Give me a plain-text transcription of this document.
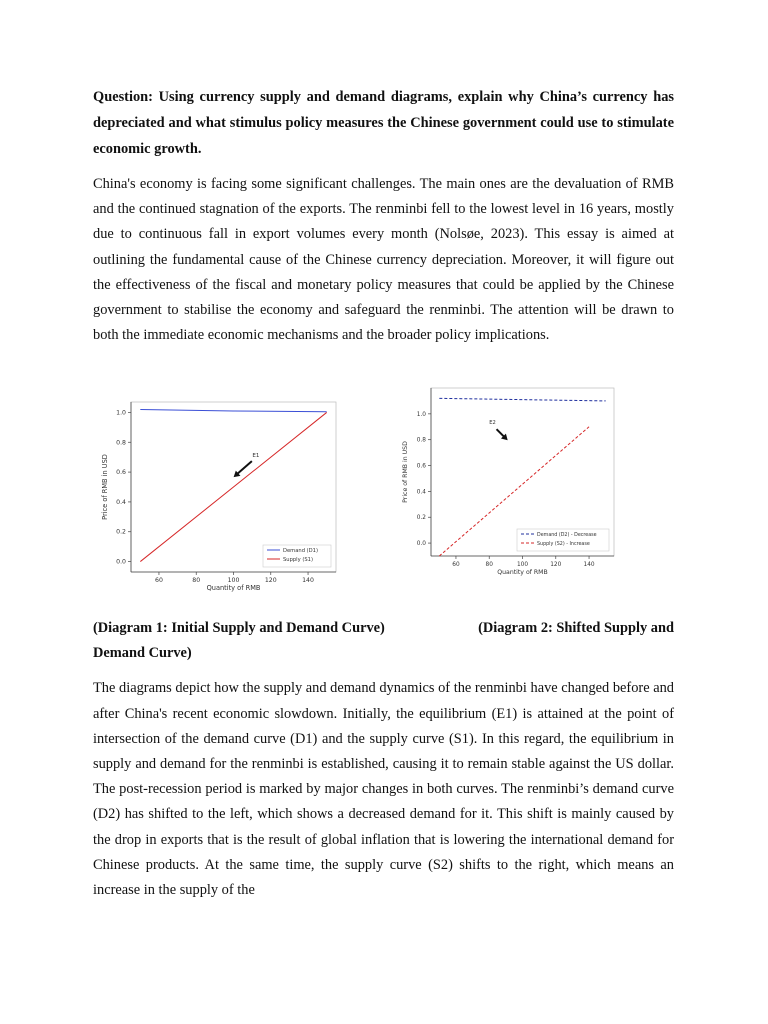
Question: Using currency supply and demand diagrams, explain why China’s currency has depreciated and what stimulus policy measures the Chinese government could use to stimulate economic growth.

China's economy is facing some significant challenges. The main ones are the devaluation of RMB and the continued stagnation of the exports. The renminbi fell to the lowest level in 16 years, mostly due to continuous fall in export volumes every month (Nolsøe, 2023). This essay is aimed at outlining the fundamental cause of the Chinese currency depreciation. Moreover, it will figure out the effectiveness of the fiscal and monetary policy measures that could be applied by the Chinese government to stabilise the economy and safeguard the renminbi. The attention will be drawn to both the immediate economic mechanisms and the broader policy implications.

60	80	100	120	140
0.0
0.2
0.4
0.6
0.8
1.0
Quantity of RMB
Price of RMB in USD	E1
Demand (D1)
Supply (S1)
60	80	100	120	140
0.0
0.2
0.4
0.6
0.8
1.0
Quantity of RMB
Price of RMB in USD
E2
Demand (D2) - Decrease
Supply (S2) - Increase
(Diagram 1: Initial Supply and Demand Curve)	(Diagram 2: Shifted Supply and
Demand Curve)

The diagrams depict how the supply and demand dynamics of the renminbi have changed before and after China's recent economic slowdown. Initially, the equilibrium (E1) is attained at the point of intersection of the demand curve (D1) and the supply curve (S1). In this regard, the equilibrium in supply and demand for the renminbi is established, causing it to remain stable against the US dollar. The post-recession period is marked by major changes in both curves. The renminbi’s demand curve (D2) has shifted to the left, which shows a decreased demand for it. This shift is mainly caused by the drop in exports that is the result of global inflation that is lowering the international demand for Chinese products. At the same time, the supply curve (S2) shifts to the right, which means an increase in the supply of the
